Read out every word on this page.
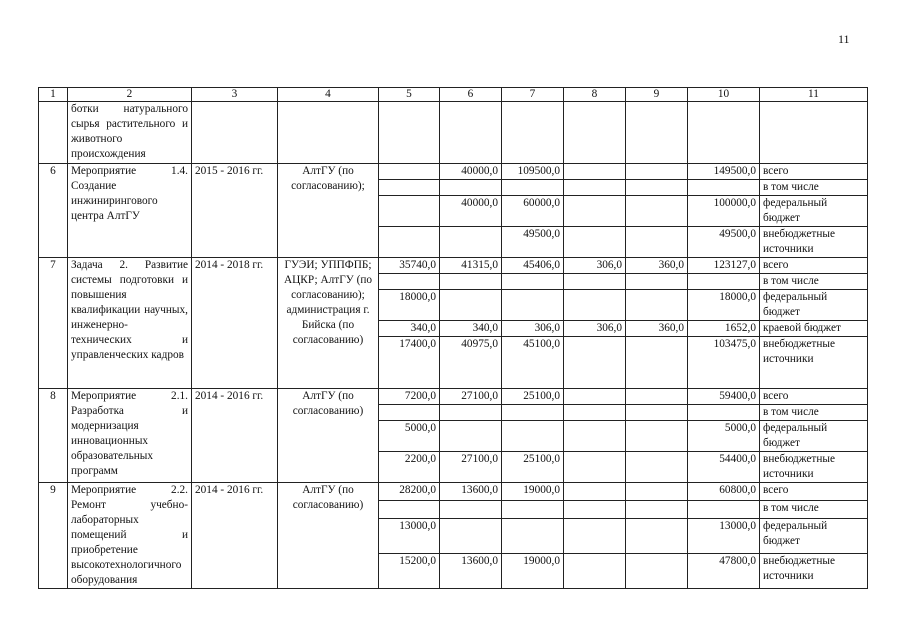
11
1	2	3	4	5	6	7	8	9	10	11
	ботки натурального сырья растительного и животного происхождения									
6	Мероприятие 1.4. Создание инжинирингового центра АлтГУ	2015 - 2016 гг.	АлтГУ (по согласованию);		40000,0	109500,0			149500,0	всего
										в том числе
					40000,0	60000,0			100000,0	федеральный бюджет
						49500,0			49500,0	внебюджетные источники
7	Задача 2. Развитие системы подготовки и повышения квалификации научных, инженерно-технических и управленческих кадров	2014 - 2018 гг.	ГУЭИ; УППФПБ; АЦКР; АлтГУ (по согласованию); администрация г. Бийска (по согласованию)	35740,0	41315,0	45406,0	306,0	360,0	123127,0	всего
										в том числе
				18000,0					18000,0	федеральный бюджет
				340,0	340,0	306,0	306,0	360,0	1652,0	краевой бюджет
				17400,0	40975,0	45100,0			103475,0	внебюджетные источники
8	Мероприятие 2.1. Разработка и модернизация инновационных образовательных программ	2014 - 2016 гг.	АлтГУ (по согласованию)	7200,0	27100,0	25100,0			59400,0	всего
										в том числе
				5000,0					5000,0	федеральный бюджет
				2200,0	27100,0	25100,0			54400,0	внебюджетные источники
9	Мероприятие 2.2. Ремонт учебно-лабораторных помещений и приобретение высокотехнологичного оборудования	2014 - 2016 гг.	АлтГУ (по согласованию)	28200,0	13600,0	19000,0			60800,0	всего
										в том числе
				13000,0					13000,0	федеральный бюджет
				15200,0	13600,0	19000,0			47800,0	внебюджетные источники
